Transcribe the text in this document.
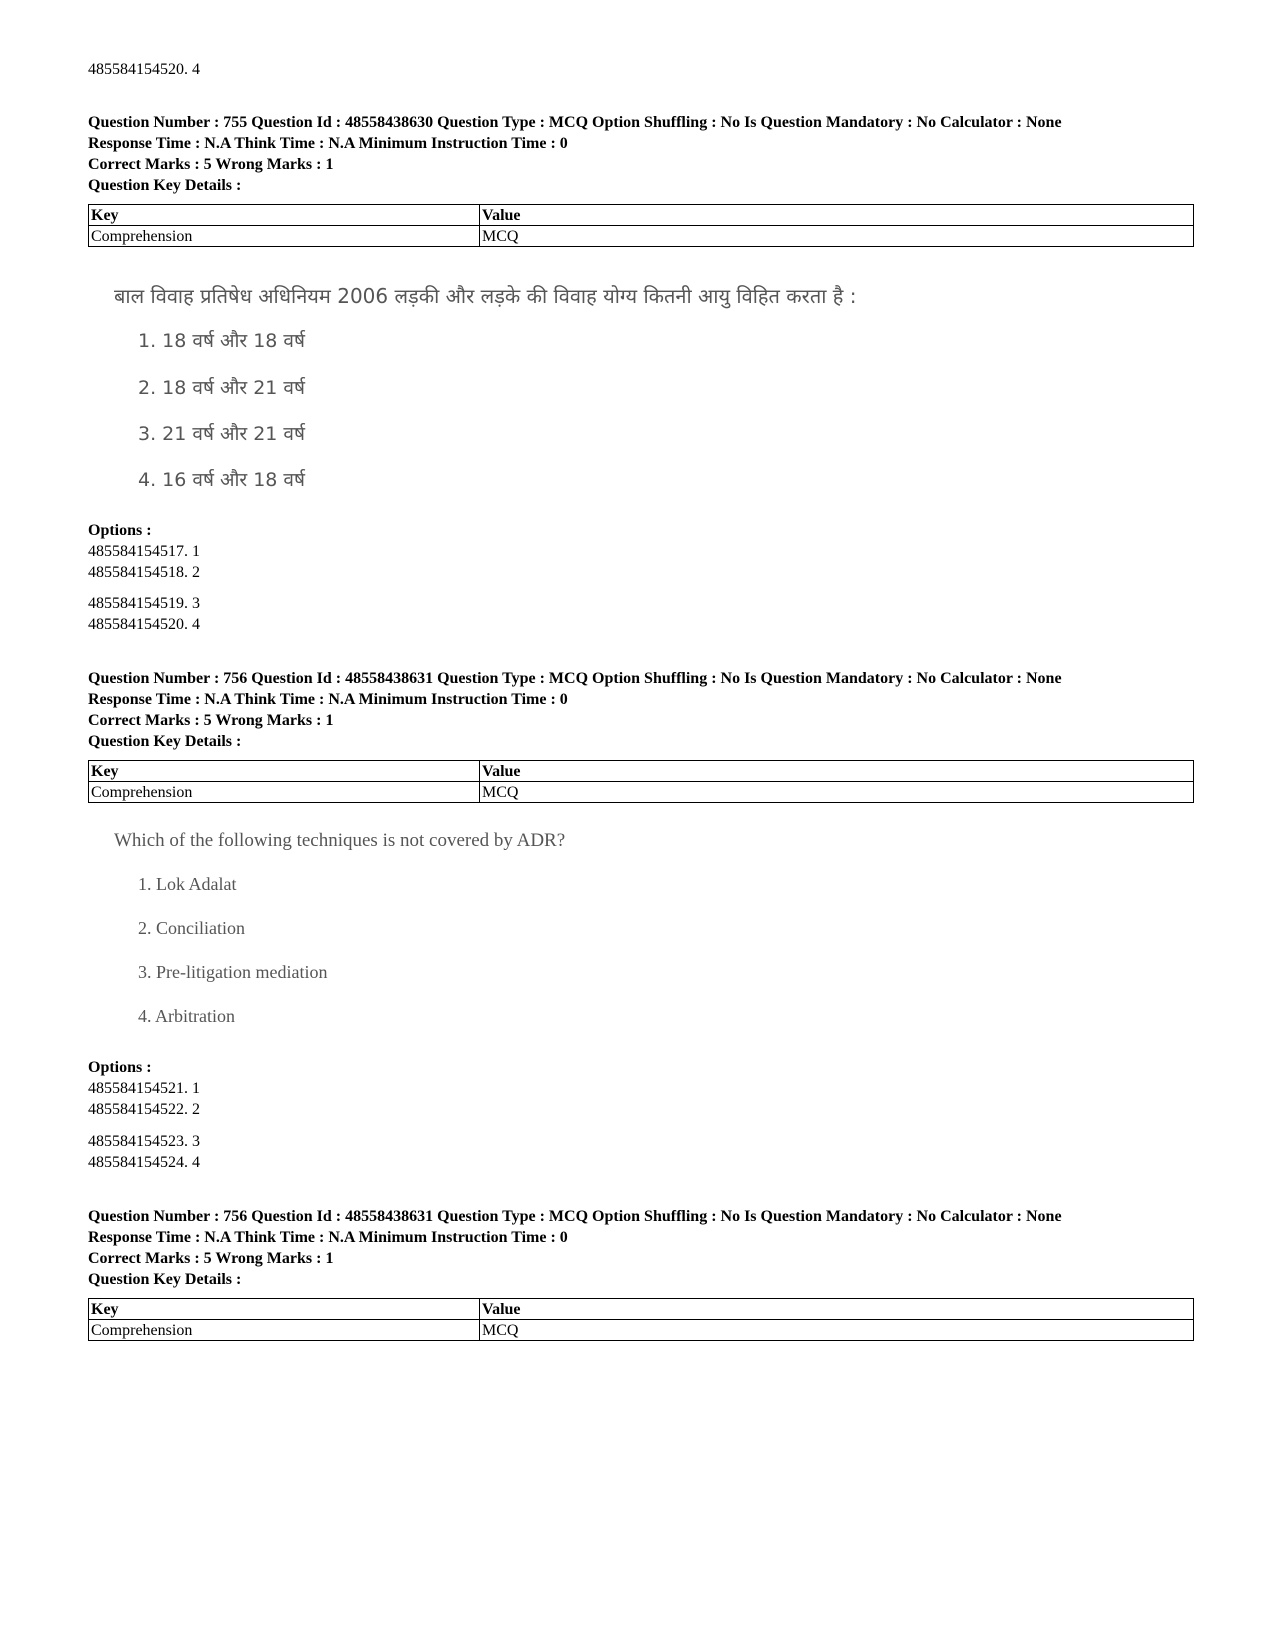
485584154520. 4
Question Number : 755 Question Id : 48558438630 Question Type : MCQ Option Shuffling : No Is Question Mandatory : No Calculator : None
Response Time : N.A Think Time : N.A Minimum Instruction Time : 0
Correct Marks : 5 Wrong Marks : 1
Question Key Details :
Key	Value
Comprehension	MCQ
बाल विवाह प्रतिषेध अधिनियम 2006 लड़की और लड़के की विवाह योग्य कितनी आयु विहित करता है :
1. 18 वर्ष और 18 वर्ष
2. 18 वर्ष और 21 वर्ष
3. 21 वर्ष और 21 वर्ष
4. 16 वर्ष और 18 वर्ष
Options :
485584154517. 1
485584154518. 2
485584154519. 3
485584154520. 4
Question Number : 756 Question Id : 48558438631 Question Type : MCQ Option Shuffling : No Is Question Mandatory : No Calculator : None
Response Time : N.A Think Time : N.A Minimum Instruction Time : 0
Correct Marks : 5 Wrong Marks : 1
Question Key Details :
Key	Value
Comprehension	MCQ
Which of the following techniques is not covered by ADR?
1. Lok Adalat
2. Conciliation
3. Pre-litigation mediation
4. Arbitration
Options :
485584154521. 1
485584154522. 2
485584154523. 3
485584154524. 4
Question Number : 756 Question Id : 48558438631 Question Type : MCQ Option Shuffling : No Is Question Mandatory : No Calculator : None
Response Time : N.A Think Time : N.A Minimum Instruction Time : 0
Correct Marks : 5 Wrong Marks : 1
Question Key Details :
Key	Value
Comprehension	MCQ
